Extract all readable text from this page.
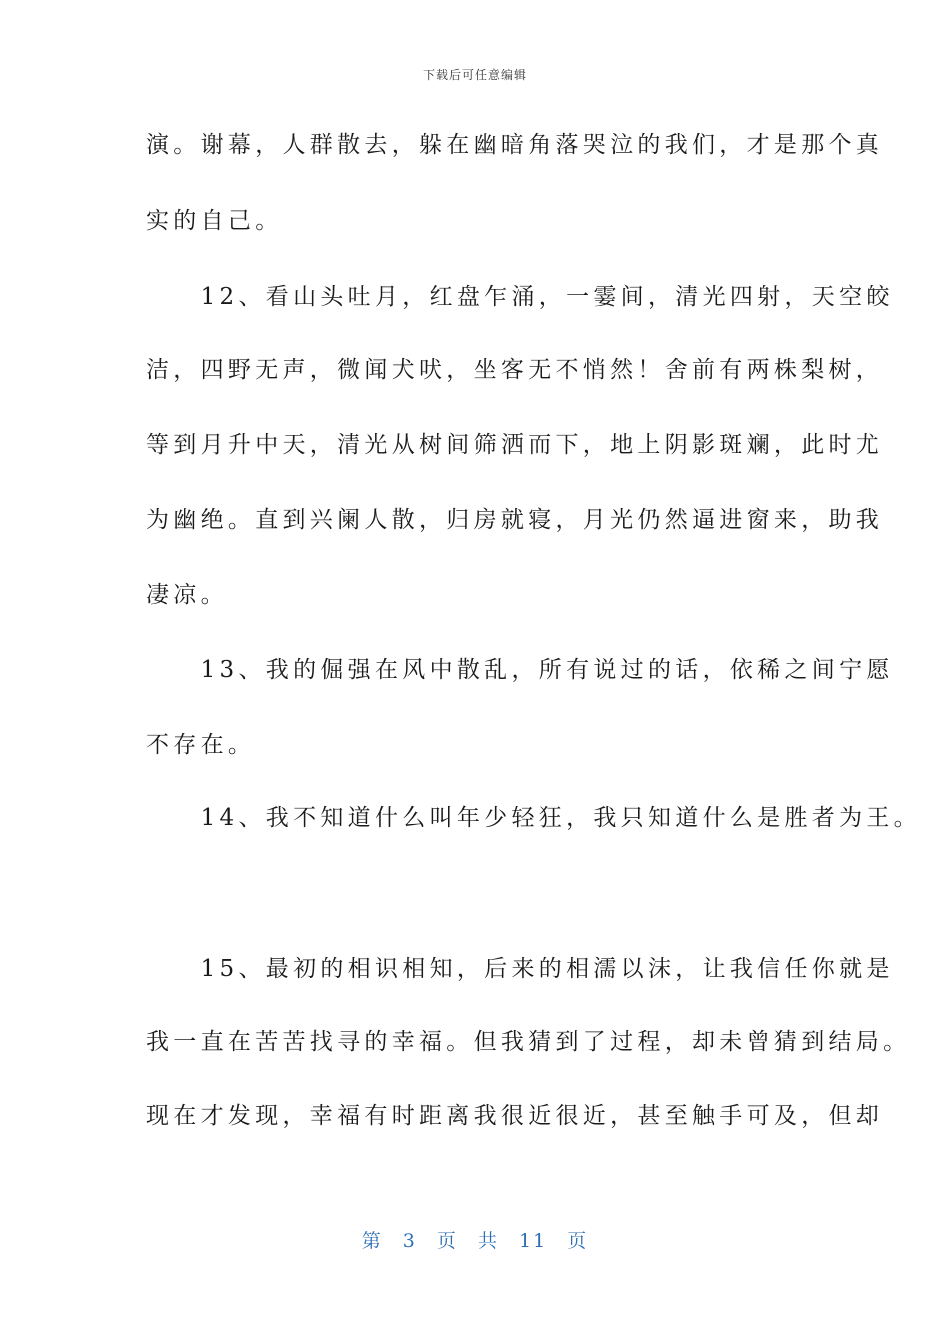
下载后可任意编辑
演。谢幕，人群散去，躲在幽暗角落哭泣的我们，才是那个真
实的自己。
　　12、看山头吐月，红盘乍涌，一霎间，清光四射，天空皎
洁，四野无声，微闻犬吠，坐客无不悄然！舍前有两株梨树，
等到月升中天，清光从树间筛洒而下，地上阴影斑斓，此时尤
为幽绝。直到兴阑人散，归房就寝，月光仍然逼进窗来，助我
凄凉。
　　13、我的倔强在风中散乱，所有说过的话，依稀之间宁愿
不存在。
　　14、我不知道什么叫年少轻狂，我只知道什么是胜者为王。
　　15、最初的相识相知，后来的相濡以沫，让我信任你就是
我一直在苦苦找寻的幸福。但我猜到了过程，却未曾猜到结局。
现在才发现，幸福有时距离我很近很近，甚至触手可及，但却
第 3 页 共 11 页
